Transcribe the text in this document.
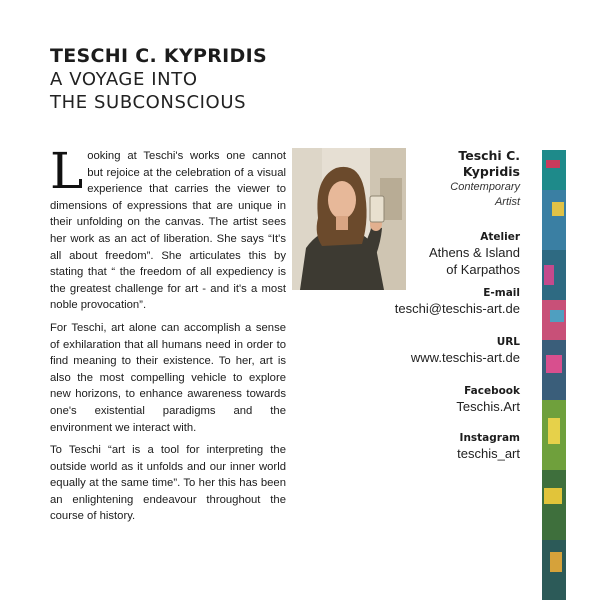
TESCHI C. KYPRIDIS
A VOYAGE INTO
THE SUBCONSCIOUS

Looking at Teschi's works one cannot but rejoice at the celebration of a visual experience that carries the viewer to dimensions of expressions that are unique in their unfolding on the canvas. The artist sees her work as an act of liberation. She says “It's all about freedom”. She articulates this by stating that “ the freedom of all expediency is the greatest challenge for art - and it's a most noble provocation”.

For Teschi, art alone can accomplish a sense of exhilaration that all humans need in order to find meaning to their existence. To her, art is also the most compelling vehicle to explore new horizons, to enhance awareness towards one's existential paradigms and the environment we interact with.

To Teschi “art is a tool for interpreting the outside world as it unfolds and our inner world equally at the same time”. To her this has been an enlightening endeavour throughout the course of history.

Teschi C.
Kypridis
Contemporary
Artist
Atelier
Athens & Island
of Karpathos
E-mail
teschi@teschis-art.de
URL
www.teschis-art.de
Facebook
Teschis.Art
Instagram
teschis_art
